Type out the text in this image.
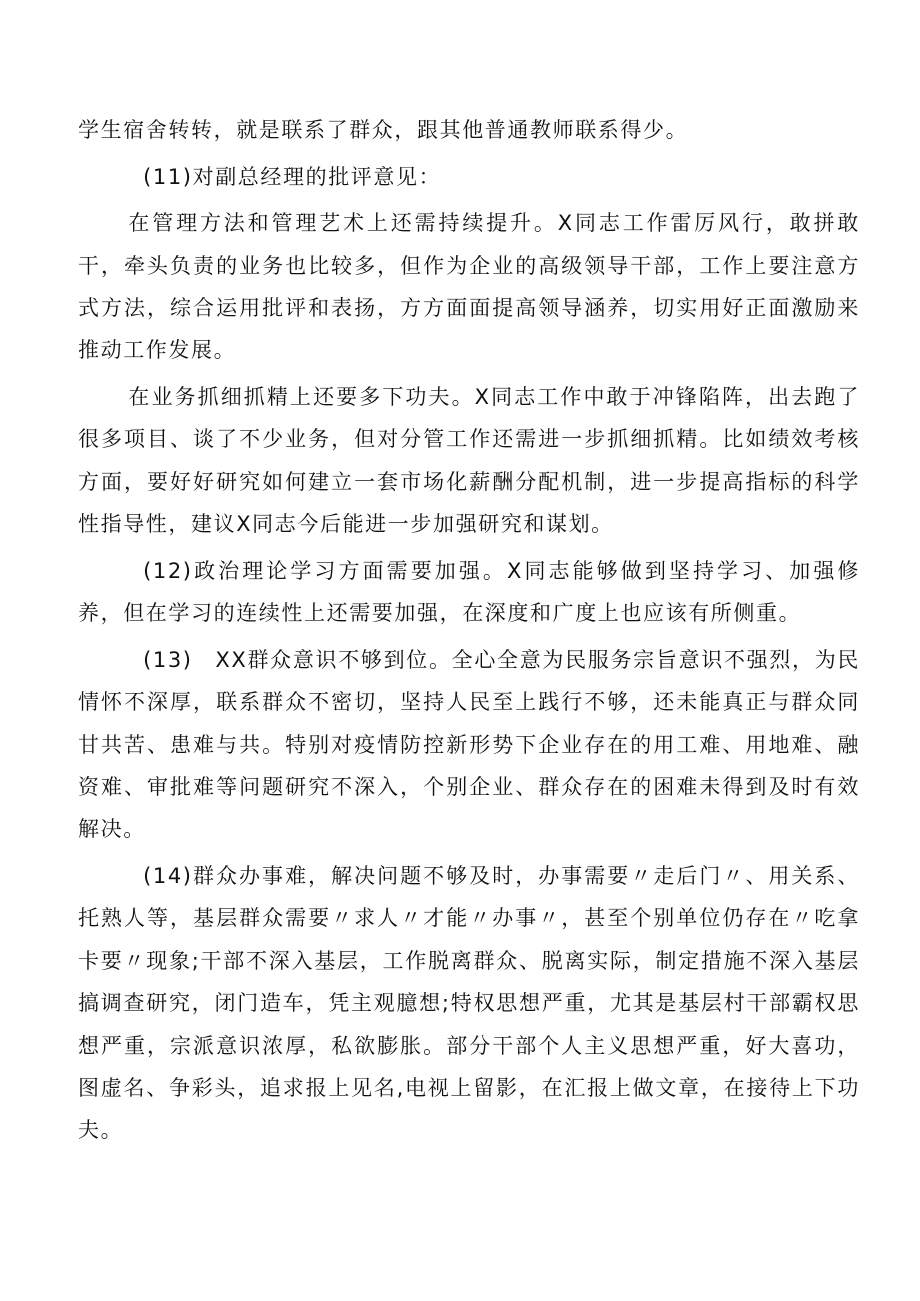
学生宿舍转转，就是联系了群众，跟其他普通教师联系得少。

(11)对副总经理的批评意见：

在管理方法和管理艺术上还需持续提升。X同志工作雷厉风行，敢拼敢干，牵头负责的业务也比较多，但作为企业的高级领导干部，工作上要注意方式方法，综合运用批评和表扬，方方面面提高领导涵养，切实用好正面激励来推动工作发展。

在业务抓细抓精上还要多下功夫。X同志工作中敢于冲锋陷阵，出去跑了很多项目、谈了不少业务，但对分管工作还需进一步抓细抓精。比如绩效考核方面，要好好研究如何建立一套市场化薪酬分配机制，进一步提高指标的科学性指导性，建议X同志今后能进一步加强研究和谋划。

(12)政治理论学习方面需要加强。X同志能够做到坚持学习、加强修养，但在学习的连续性上还需要加强，在深度和广度上也应该有所侧重。

(13)　XX群众意识不够到位。全心全意为民服务宗旨意识不强烈，为民情怀不深厚，联系群众不密切，坚持人民至上践行不够，还未能真正与群众同甘共苦、患难与共。特别对疫情防控新形势下企业存在的用工难、用地难、融资难、审批难等问题研究不深入，个别企业、群众存在的困难未得到及时有效解决。

(14)群众办事难，解决问题不够及时，办事需要〃走后门〃、用关系、托熟人等，基层群众需要〃求人〃才能〃办事〃，甚至个别单位仍存在〃吃拿卡要〃现象;干部不深入基层，工作脱离群众、脱离实际，制定措施不深入基层搞调查研究，闭门造车，凭主观臆想;特权思想严重，尤其是基层村干部霸权思想严重，宗派意识浓厚，私欲膨胀。部分干部个人主义思想严重，好大喜功，图虚名、争彩头，追求报上见名,电视上留影，在汇报上做文章，在接待上下功夫。
